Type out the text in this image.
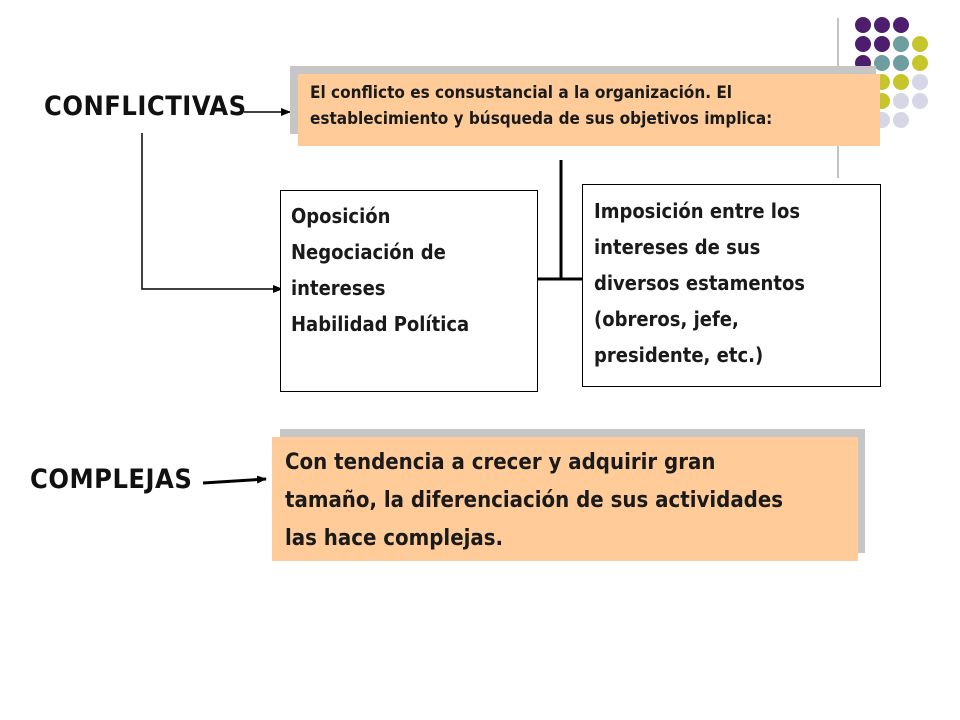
CONFLICTIVAS	El conflicto es consustancial a la organización. El
establecimiento y búsqueda de sus objetivos implica:
Oposición
Negociación de
intereses
Habilidad Política
Imposición entre los
intereses de sus
diversos estamentos
(obreros, jefe,
presidente, etc.)
COMPLEJAS
Con tendencia a crecer y adquirir gran
tamaño, la diferenciación de sus actividades
las hace complejas.
